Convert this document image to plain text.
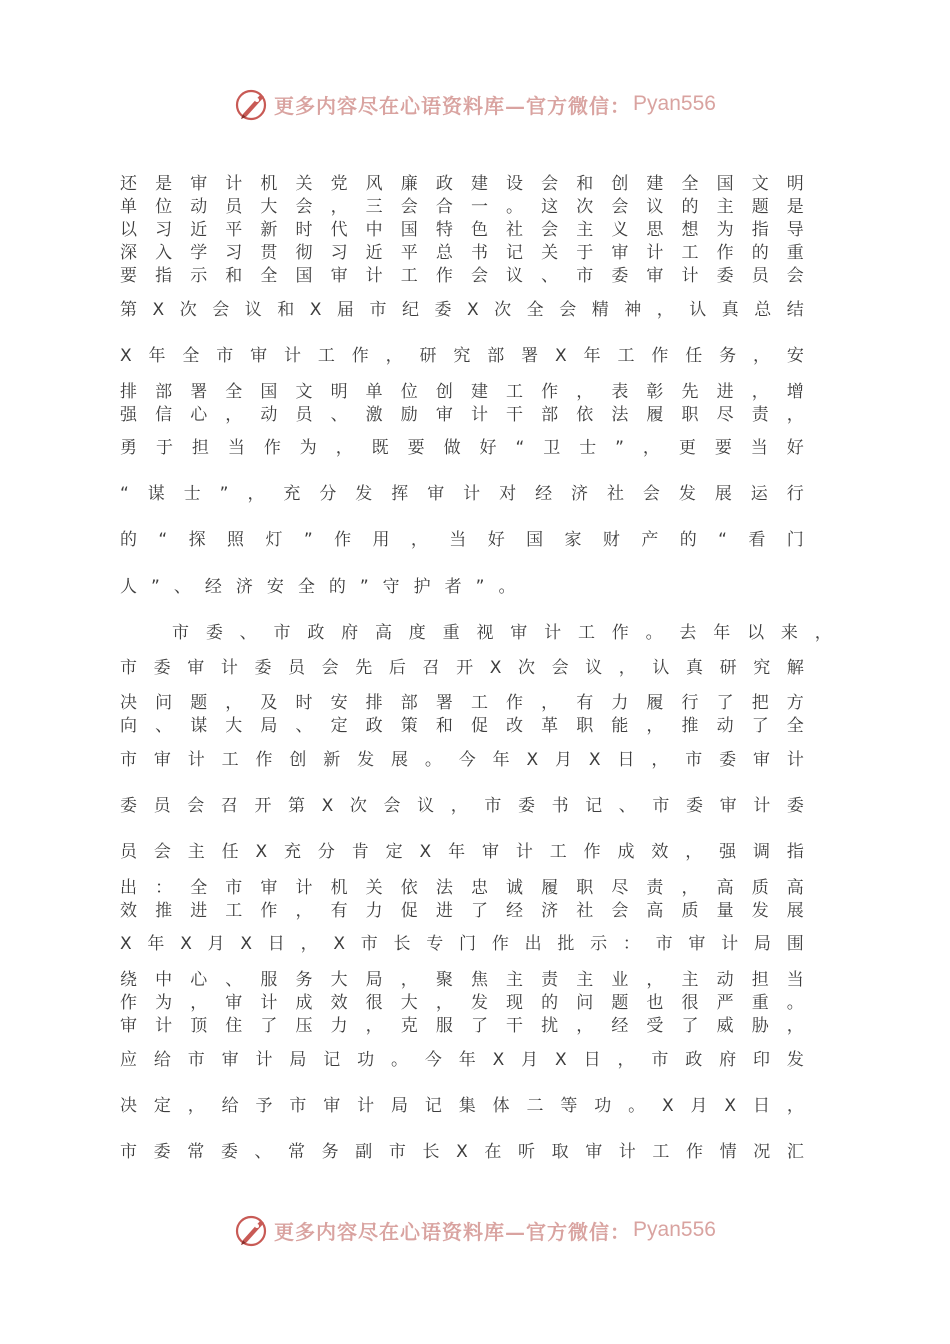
更多内容尽在心语资料库—官方微信： Pyan556
还 是 审 计 机 关 党 风 廉 政 建 设 会 和 创 建 全 国 文 明
单 位 动 员 大 会 ， 三 会 合 一 。 这 次 会 议 的 主 题 是
以 习 近 平 新 时 代 中 国 特 色 社 会 主 义 思 想 为 指 导
深 入 学 习 贯 彻 习 近 平 总 书 记 关 于 审 计 工 作 的 重
要 指 示 和 全 国 审 计 工 作 会 议 、 市 委 审 计 委 员 会
第 X 次 会 议 和 X 届 市 纪 委 X 次 全 会 精 神 ， 认 真 总 结
X 年 全 市 审 计 工 作 ， 研 究 部 署 X 年 工 作 任 务 ， 安
排 部 署 全 国 文 明 单 位 创 建 工 作 ， 表 彰 先 进 ， 增
强 信 心 ， 动 员 、 激 励 审 计 干 部 依 法 履 职 尽 责 ，
勇 于 担 当 作 为 ， 既 要 做 好 “ 卫 士 ” ， 更 要 当 好
“ 谋 士 ” ， 充 分 发 挥 审 计 对 经 济 社 会 发 展 运 行
的 “ 探 照 灯 ” 作 用 ， 当 好 国 家 财 产 的 “ 看 门
人 ” 、 经 济 安 全 的 ” 守 护 者 ” 。
市 委 、 市 政 府 高 度 重 视 审 计 工 作 。 去 年 以 来 ，
市 委 审 计 委 员 会 先 后 召 开 X 次 会 议 ， 认 真 研 究 解
决 问 题 ， 及 时 安 排 部 署 工 作 ， 有 力 履 行 了 把 方
向 、 谋 大 局 、 定 政 策 和 促 改 革 职 能 ， 推 动 了 全
市 审 计 工 作 创 新 发 展 。 今 年 X 月 X 日 ， 市 委 审 计
委 员 会 召 开 第 X 次 会 议 ， 市 委 书 记 、 市 委 审 计 委
员 会 主 任 X 充 分 肯 定 X 年 审 计 工 作 成 效 ， 强 调 指
出 ： 全 市 审 计 机 关 依 法 忠 诚 履 职 尽 责 ， 高 质 高
效 推 进 工 作 ， 有 力 促 进 了 经 济 社 会 高 质 量 发 展
X 年 X 月 X 日 ， X 市 长 专 门 作 出 批 示 ： 市 审 计 局 围
绕 中 心 、 服 务 大 局 ， 聚 焦 主 责 主 业 ， 主 动 担 当
作 为 ， 审 计 成 效 很 大 ， 发 现 的 问 题 也 很 严 重 。
审 计 顶 住 了 压 力 ， 克 服 了 干 扰 ， 经 受 了 威 胁 ，
应 给 市 审 计 局 记 功 。 今 年 X 月 X 日 ， 市 政 府 印 发
决 定 ， 给 予 市 审 计 局 记 集 体 二 等 功 。 X 月 X 日 ，
市 委 常 委 、 常 务 副 市 长 X 在 听 取 审 计 工 作 情 况 汇
更多内容尽在心语资料库—官方微信： Pyan556
